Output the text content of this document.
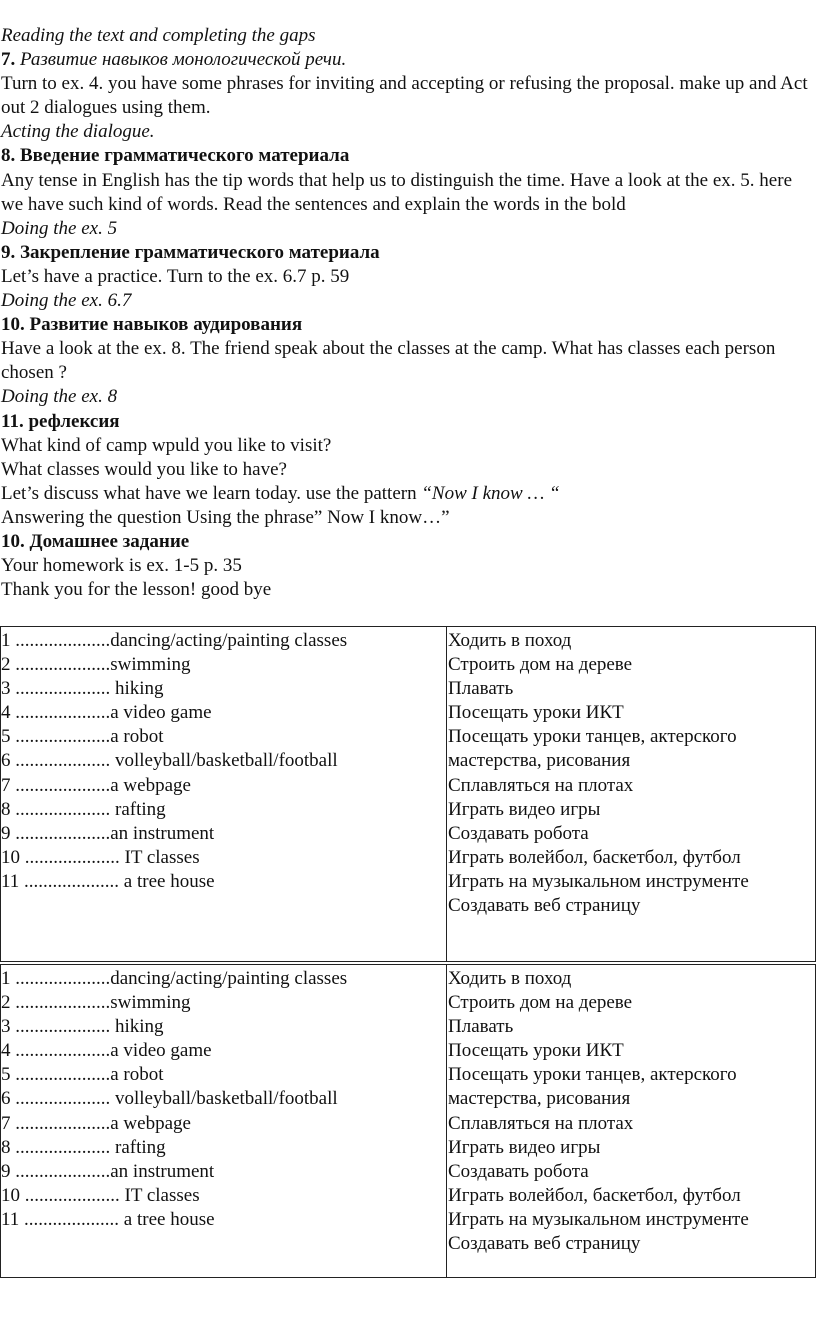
Reading the text and completing the gaps

7. Развитие навыков монологической речи.

Turn to ex. 4. you have some phrases for inviting and accepting or refusing the proposal. make up and Act out 2 dialogues using them.

Acting the dialogue.

8. Введение грамматического материала

Any tense in English has the tip words that help us to distinguish the time. Have a look at the ex. 5. here we have such kind of words. Read the sentences and explain the words in the bold

Doing the ex. 5

9. Закрепление грамматического материала

Let’s have a practice. Turn to the ex. 6.7 p. 59

Doing the ex. 6.7

10. Развитие навыков аудирования

Have a look at the ex. 8. The friend speak about the classes at the camp. What has classes each person chosen ?

Doing the ex. 8

11. рефлексия

What kind of camp wpuld you like to visit?

What classes would you like to have?

Let’s discuss what have we learn today. use the pattern “Now I know … “

Answering the question Using the phrase” Now I know…”

10. Домашнее задание

Your homework is ex. 1-5 p. 35

Thank you for the lesson! good bye

1 ....................dancing/acting/painting classes
2 ....................swimming
3 .................... hiking
4 ....................a video game
5 ....................a robot
6 .................... volleyball/basketball/football
7 ....................a webpage
8 .................... rafting
9 ....................an instrument
10 .................... IT classes
11 .................... a tree house
Ходить в поход
Строить дом на дереве
Плавать
Посещать уроки ИКТ
Посещать уроки танцев, актерского
мастерства, рисования
Сплавляться на плотах
Играть видео игры
Создавать робота
Играть волейбол, баскетбол, футбол
Играть на музыкальном инструменте
Создавать веб страницу
1 ....................dancing/acting/painting classes
2 ....................swimming
3 .................... hiking
4 ....................a video game
5 ....................a robot
6 .................... volleyball/basketball/football
7 ....................a webpage
8 .................... rafting
9 ....................an instrument
10 .................... IT classes
11 .................... a tree house
Ходить в поход
Строить дом на дереве
Плавать
Посещать уроки ИКТ
Посещать уроки танцев, актерского
мастерства, рисования
Сплавляться на плотах
Играть видео игры
Создавать робота
Играть волейбол, баскетбол, футбол
Играть на музыкальном инструменте
Создавать веб страницу
